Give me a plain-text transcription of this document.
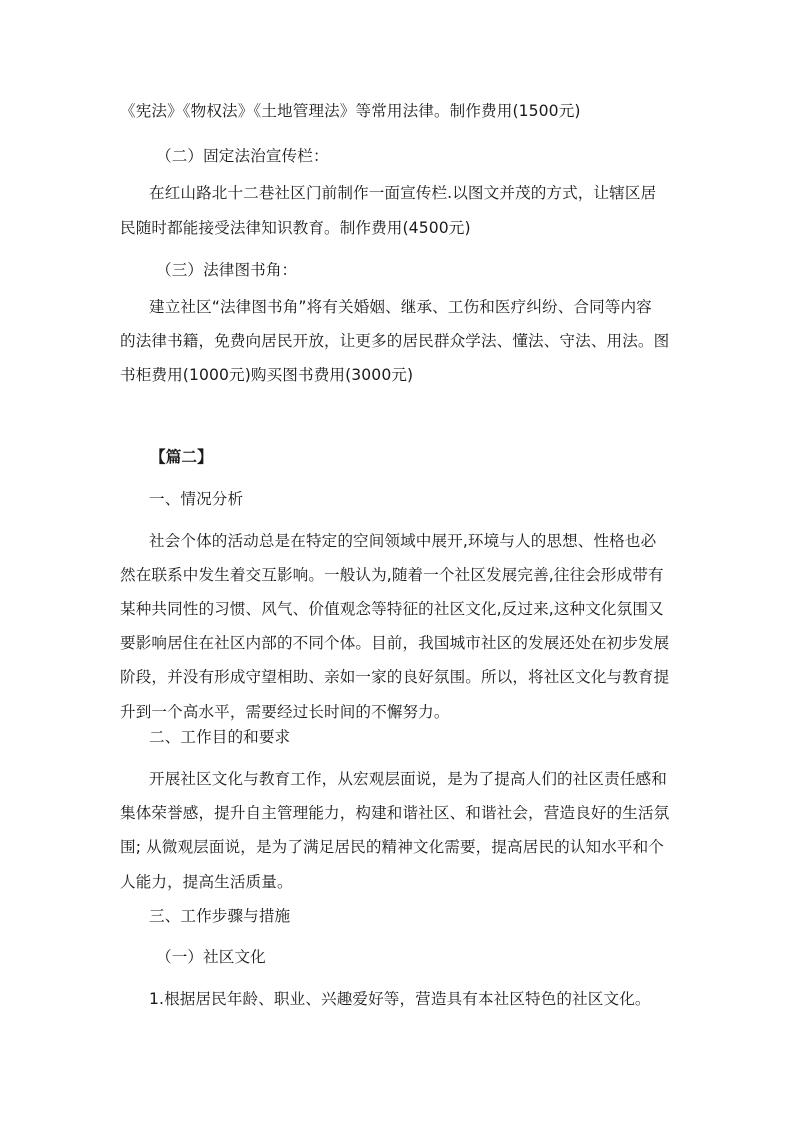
《宪法》《物权法》《土地管理法》等常用法律。制作费用(1500元)
（二）固定法治宣传栏：
在红山路北十二巷社区门前制作一面宣传栏.以图文并茂的方式，让辖区居
民随时都能接受法律知识教育。制作费用(4500元)
（三）法律图书角：
建立社区“法律图书角”将有关婚姻、继承、工伤和医疗纠纷、合同等内容
的法律书籍，免费向居民开放，让更多的居民群众学法、懂法、守法、用法。图
书柜费用(1000元)购买图书费用(3000元)
【篇二】
一、情况分析
社会个体的活动总是在特定的空间领域中展开,环境与人的思想、性格也必
然在联系中发生着交互影响。一般认为,随着一个社区发展完善,往往会形成带有
某种共同性的习惯、风气、价值观念等特征的社区文化,反过来,这种文化氛围又
要影响居住在社区内部的不同个体。目前，我国城市社区的发展还处在初步发展
阶段，并没有形成守望相助、亲如一家的良好氛围。所以，将社区文化与教育提
升到一个高水平，需要经过长时间的不懈努力。
二、工作目的和要求
开展社区文化与教育工作，从宏观层面说，是为了提高人们的社区责任感和
集体荣誉感，提升自主管理能力，构建和谐社区、和谐社会，营造良好的生活氛
围; 从微观层面说，是为了满足居民的精神文化需要，提高居民的认知水平和个
人能力，提高生活质量。
三、工作步骤与措施
（一）社区文化
1.根据居民年龄、职业、兴趣爱好等，营造具有本社区特色的社区文化。
